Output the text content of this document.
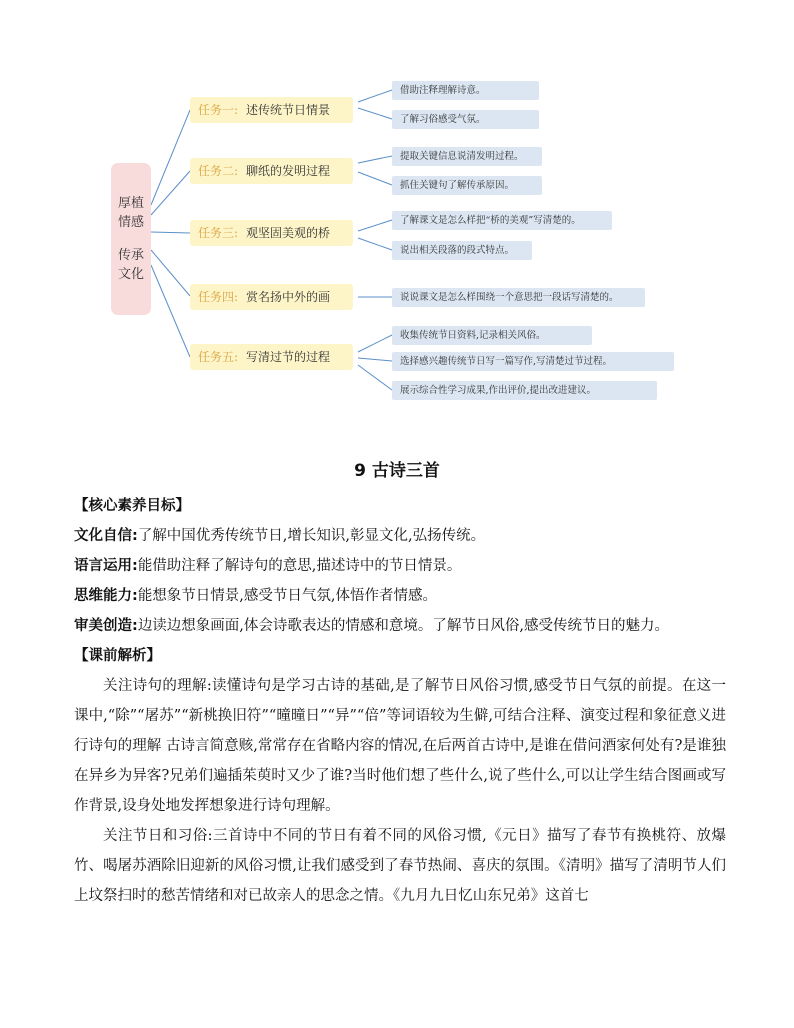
厚植
情感
传承
文化
任务一: 述传统节日情景
任务二: 聊纸的发明过程
任务三: 观坚固美观的桥
任务四: 赏名扬中外的画
任务五: 写清过节的过程
借助注释理解诗意。
了解习俗感受气氛。
提取关键信息说清发明过程。
抓住关键句了解传承原因。
了解课文是怎么样把“桥的美观”写清楚的。
说出相关段落的段式特点。
说说课文是怎么样围绕一个意思把一段话写清楚的。
收集传统节日资料,记录相关风俗。
选择感兴趣传统节日写一篇写作,写清楚过节过程。
展示综合性学习成果,作出评价,提出改进建议。
9 古诗三首
【核心素养目标】
文化自信:了解中国优秀传统节日,增长知识,彰显文化,弘扬传统。
语言运用:能借助注释了解诗句的意思,描述诗中的节日情景。
思维能力:能想象节日情景,感受节日气氛,体悟作者情感。
审美创造:边读边想象画面,体会诗歌表达的情感和意境。了解节日风俗,感受传统节日的魅力。
【课前解析】
关注诗句的理解:读懂诗句是学习古诗的基础,是了解节日风俗习惯,感受节日气氛的前提。在这一课中,“除”“屠苏”“新桃换旧符”“曈曈日”“异”“倍”等词语较为生僻,可结合注释、演变过程和象征意义进行诗句的理解 古诗言简意赅,常常存在省略内容的情况,在后两首古诗中,是谁在借问酒家何处有?是谁独在异乡为异客?兄弟们遍插茱萸时又少了谁?当时他们想了些什么,说了些什么,可以让学生结合图画或写作背景,设身处地发挥想象进行诗句理解。
关注节日和习俗:三首诗中不同的节日有着不同的风俗习惯,《元日》描写了春节有换桃符、放爆竹、喝屠苏酒除旧迎新的风俗习惯,让我们感受到了春节热闹、喜庆的氛围。《清明》描写了清明节人们上坟祭扫时的愁苦情绪和对已故亲人的思念之情。《九月九日忆山东兄弟》这首七
